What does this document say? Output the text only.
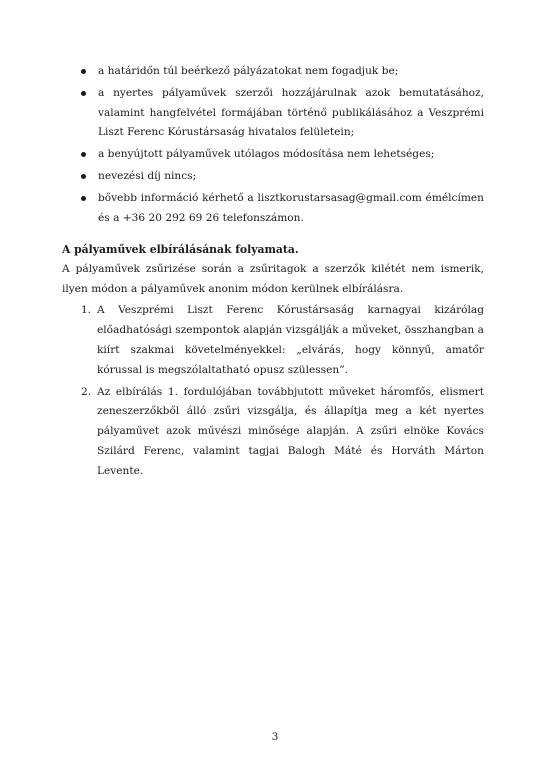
a határidőn túl beérkező pályázatokat nem fogadjuk be;
a nyertes pályaművek szerzői hozzájárulnak azok bemutatásához, valamint hangfelvétel formájában történő publikálásához a Veszprémi Liszt Ferenc Kórustársaság hivatalos felületein;
a benyújtott pályaművek utólagos módosítása nem lehetséges;
nevezési díj nincs;
bővebb információ kérhető a lisztkorustarsasag@gmail.com émélcímen és a +36 20 292 69 26 telefonszámon.
A pályaművek elbírálásának folyamata.
A pályaművek zsűrizése során a zsűritagok a szerzők kilétét nem ismerik, ilyen módon a pályaművek anonim módon kerülnek elbírálásra.
1. A Veszprémi Liszt Ferenc Kórustársaság karnagyai kizárólag előadhatósági szempontok alapján vizsgálják a műveket, összhangban a kiírt szakmai követelményekkel: „elvárás, hogy könnyű, amatőr kórussal is megszólaltatható opusz szülessen”.
2. Az elbírálás 1. fordulójában továbbjutott műveket háromfős, elismert zeneszerzőkből álló zsűri vizsgálja, és állapítja meg a két nyertes pályaművet azok művészi minősége alapján. A zsűri elnöke Kovács Szilárd Ferenc, valamint tagjai Balogh Máté és Horváth Márton Levente.
3
